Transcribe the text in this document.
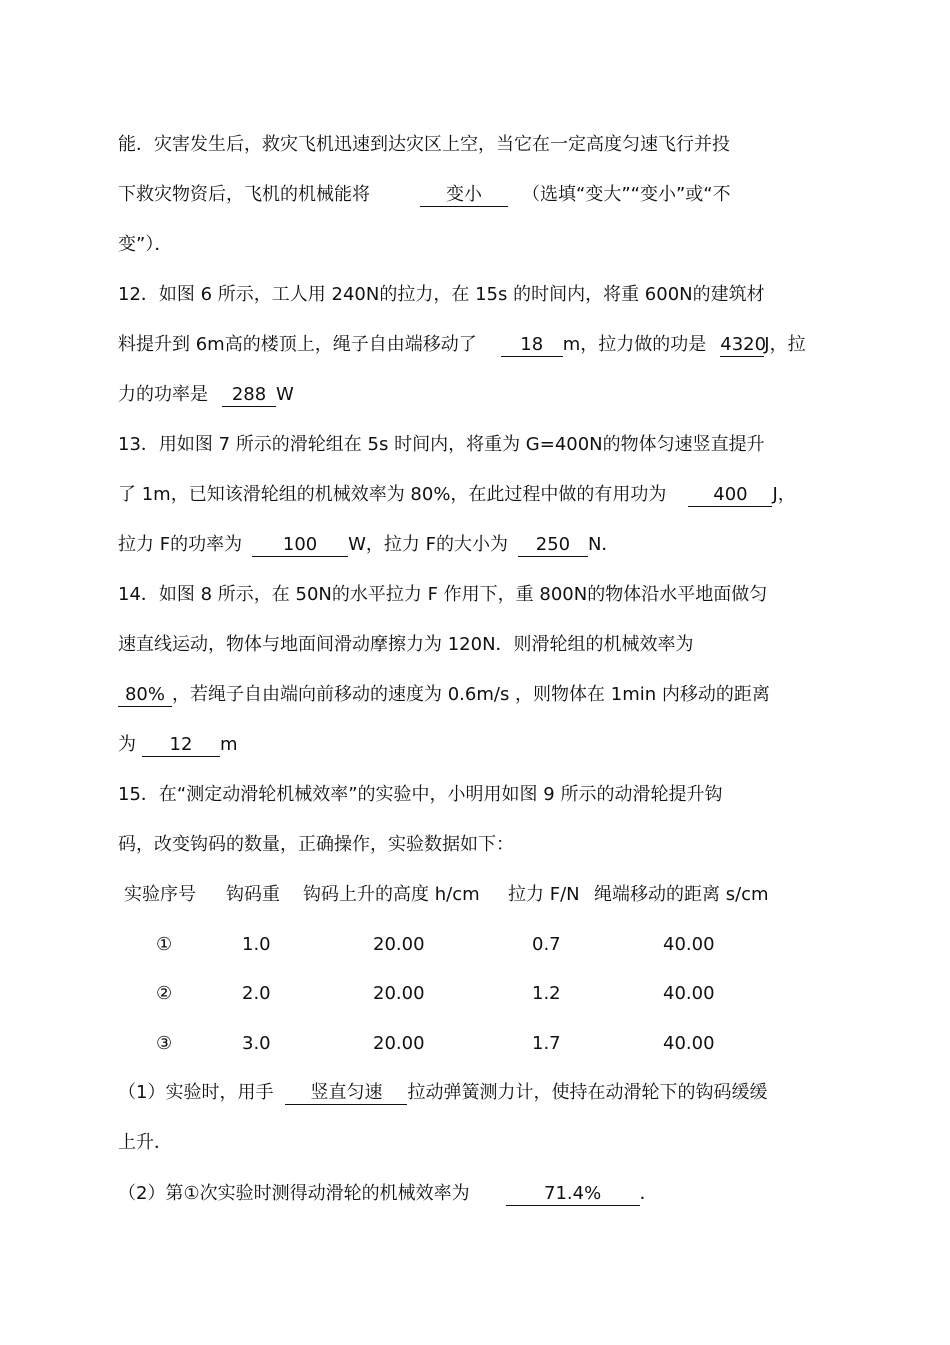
能．灾害发生后，救灾飞机迅速到达灾区上空，当它在一定高度匀速飞行并投
下救灾物资后，飞机的机械能将	变小 （选填“变大”“变小”或“不
变”）．
12．如图 6 所示，工人用 240N的拉力，在 15s 的时间内，将重 600N的建筑材
料提升到 6m高的楼顶上，绳子自由端移动了 18 m，拉力做的功是 4320J，拉
力的功率是 288 W
13．用如图 7 所示的滑轮组在 5s 时间内，将重为 G=400N的物体匀速竖直提升
了 1m，已知该滑轮组的机械效率为 80%，在此过程中做的有用功为	400 J，
拉力 F的功率为 100 W，拉力 F的大小为 250 N．
14．如图 8 所示，在 50N的水平拉力 F 作用下，重 800N的物体沿水平地面做匀
速直线运动，物体与地面间滑动摩擦力为 120N．则滑轮组的机械效率为
80% ，若绳子自由端向前移动的速度为 0.6m/s ，则物体在 1min 内移动的距离
为 12 m
15．在“测定动滑轮机械效率”的实验中，小明用如图 9 所示的动滑轮提升钩
码，改变钩码的数量，正确操作，实验数据如下：
实验序号 钩码重 钩码上升的高度 h/cm 拉力 F/N 绳端移动的距离 s/cm
①	1.0	20.00	0.7	40.00
②	2.0	20.00	1.2	40.00
③	3.0	20.00	1.7	40.00
（1）实验时，用手 竖直匀速 拉动弹簧测力计，使持在动滑轮下的钩码缓缓
上升．
（2）第①次实验时测得动滑轮的机械效率为	71.4% ．
